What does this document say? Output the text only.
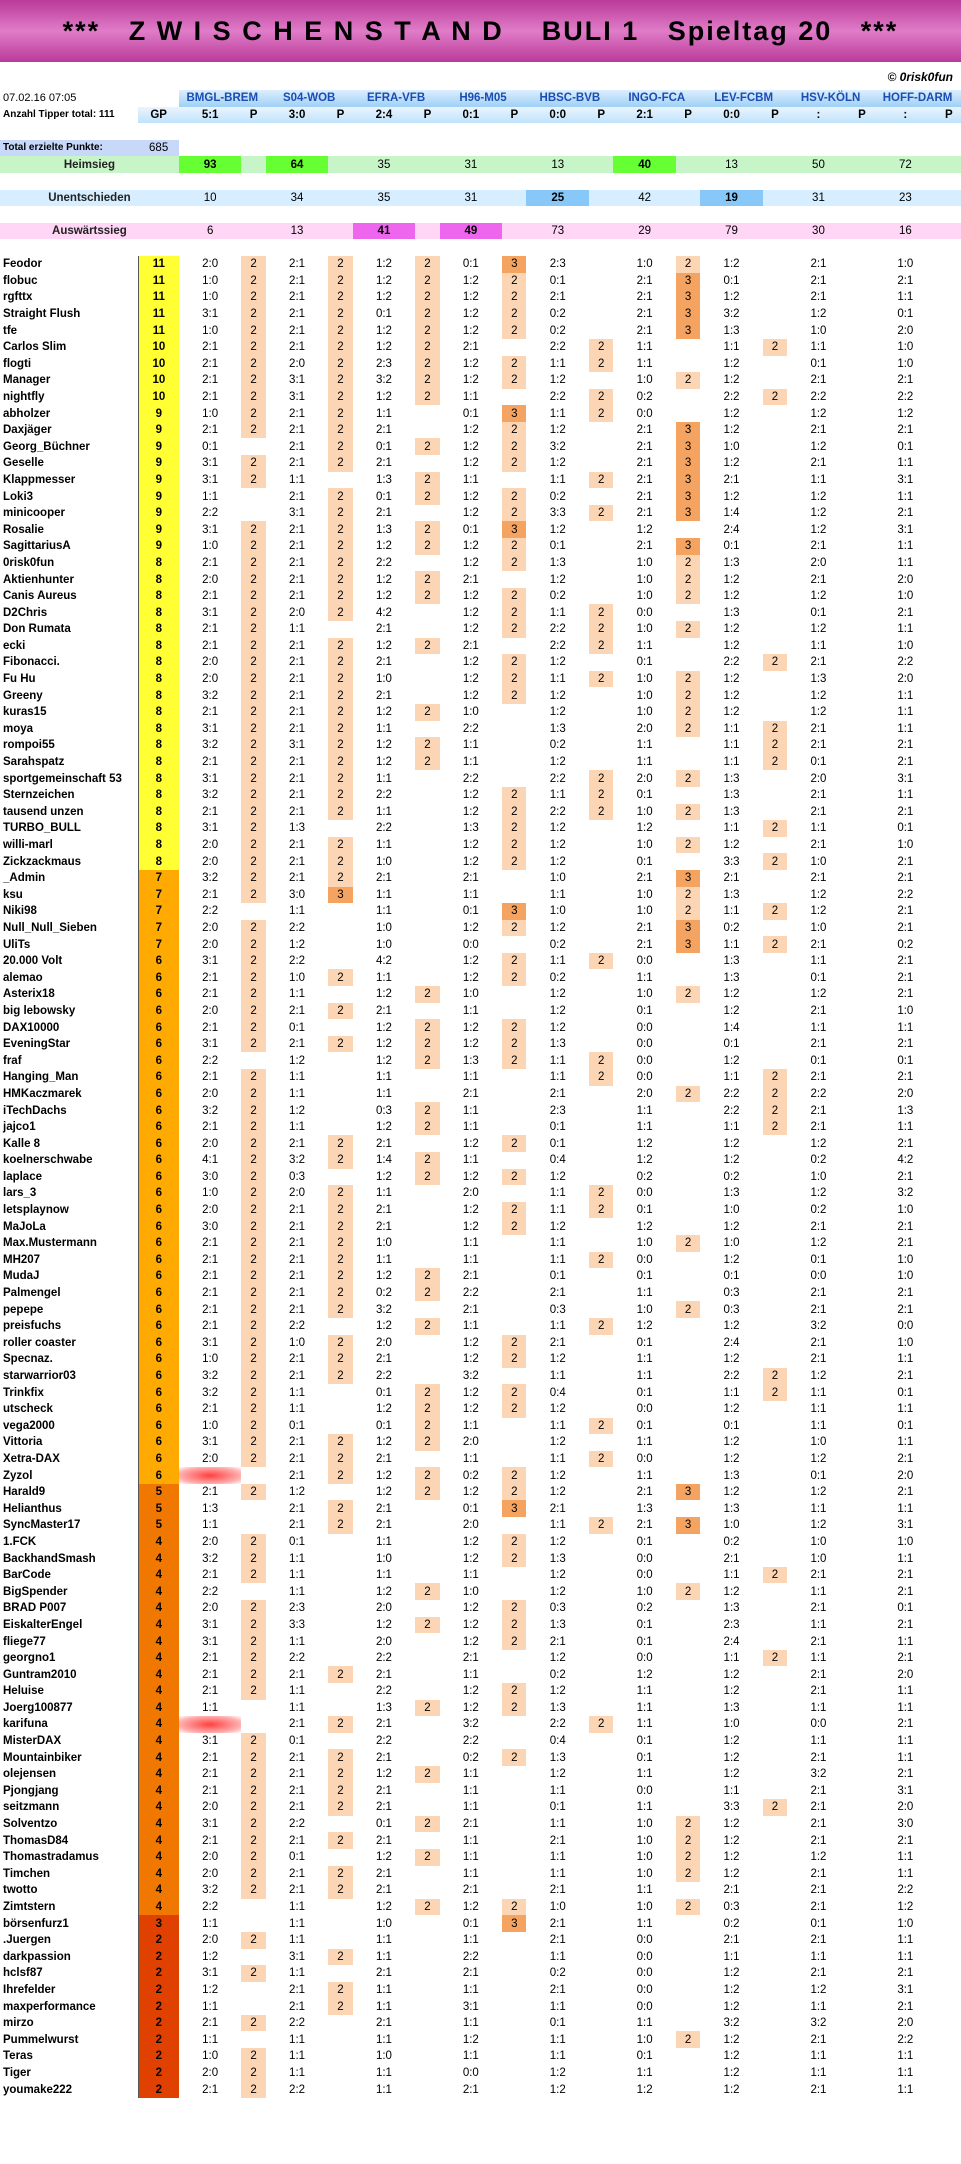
***   Z W I S C H E N S T A N D    BULI 1   Spieltag 20   ***
© 0risk0fun
07.02.16 07:05		BMGL-BREM		S04-WOB		EFRA-VFB		H96-M05		HBSC-BVB		INGO-FCA		LEV-FCBM		HSV-KÖLN		HOFF-DARM	
Anzahl Tipper total: 111	GP	5:1	P	3:0	P	2:4	P	0:1	P	0:0	P	2:1	P	0:0	P	:	P	:	P

Total erzielte Punkte:	685																		
Heimsieg		93		64		35		31		13		40		13		50		72	

Unentschieden		10		34		35		31		25		42		19		31		23	

Auswärtssieg		6		13		41		49		73		29		79		30		16	

Feodor	11	2:0	2	2:1	2	1:2	2	0:1	3	2:3		1:0	2	1:2		2:1		1:0	
flobuc	11	1:0	2	2:1	2	1:2	2	1:2	2	0:1		2:1	3	0:1		2:1		2:1	
rgfttx	11	1:0	2	2:1	2	1:2	2	1:2	2	2:1		2:1	3	1:2		2:1		1:1	
Straight Flush	11	3:1	2	2:1	2	0:1	2	1:2	2	0:2		2:1	3	3:2		1:2		0:1	
tfe	11	1:0	2	2:1	2	1:2	2	1:2	2	0:2		2:1	3	1:3		1:0		2:0	
Carlos Slim	10	2:1	2	2:1	2	1:2	2	2:1		2:2	2	1:1		1:1	2	1:1		1:0	
flogti	10	2:1	2	2:0	2	2:3	2	1:2	2	1:1	2	1:1		1:2		0:1		1:0	
Manager	10	2:1	2	3:1	2	3:2	2	1:2	2	1:2		1:0	2	1:2		2:1		2:1	
nightfly	10	2:1	2	3:1	2	1:2	2	1:1		2:2	2	0:2		2:2	2	2:2		2:2	
abholzer	9	1:0	2	2:1	2	1:1		0:1	3	1:1	2	0:0		1:2		1:2		1:2	
Daxjäger	9	2:1	2	2:1	2	2:1		1:2	2	1:2		2:1	3	1:2		2:1		2:1	
Georg_Büchner	9	0:1		2:1	2	0:1	2	1:2	2	3:2		2:1	3	1:0		1:2		0:1	
Geselle	9	3:1	2	2:1	2	2:1		1:2	2	1:2		2:1	3	1:2		2:1		1:1	
Klappmesser	9	3:1	2	1:1		1:3	2	1:1		1:1	2	2:1	3	2:1		1:1		3:1	
Loki3	9	1:1		2:1	2	0:1	2	1:2	2	0:2		2:1	3	1:2		1:2		1:1	
minicooper	9	2:2		3:1	2	2:1		1:2	2	3:3	2	2:1	3	1:4		1:2		2:1	
Rosalie	9	3:1	2	2:1	2	1:3	2	0:1	3	1:2		1:2		2:4		1:2		3:1	
SagittariusA	9	1:0	2	2:1	2	1:2	2	1:2	2	0:1		2:1	3	0:1		2:1		1:1	
0risk0fun	8	2:1	2	2:1	2	2:2		1:2	2	1:3		1:0	2	1:3		2:0		1:1	
Aktienhunter	8	2:0	2	2:1	2	1:2	2	2:1		1:2		1:0	2	1:2		2:1		2:0	
Canis Aureus	8	2:1	2	2:1	2	1:2	2	1:2	2	0:2		1:0	2	1:2		1:2		1:0	
D2Chris	8	3:1	2	2:0	2	4:2		1:2	2	1:1	2	0:0		1:3		0:1		2:1	
Don Rumata	8	2:1	2	1:1		2:1		1:2	2	2:2	2	1:0	2	1:2		1:2		1:1	
ecki	8	2:1	2	2:1	2	1:2	2	2:1		2:2	2	1:1		1:2		1:1		1:0	
Fibonacci.	8	2:0	2	2:1	2	2:1		1:2	2	1:2		0:1		2:2	2	2:1		2:2	
Fu Hu	8	2:0	2	2:1	2	1:0		1:2	2	1:1	2	1:0	2	1:2		1:3		2:0	
Greeny	8	3:2	2	2:1	2	2:1		1:2	2	1:2		1:0	2	1:2		1:2		1:1	
kuras15	8	2:1	2	2:1	2	1:2	2	1:0		1:2		1:0	2	1:2		1:2		1:1	
moya	8	3:1	2	2:1	2	1:1		2:2		1:3		2:0	2	1:1	2	2:1		1:1	
rompoi55	8	3:2	2	3:1	2	1:2	2	1:1		0:2		1:1		1:1	2	2:1		2:1	
Sarahspatz	8	2:1	2	2:1	2	1:2	2	1:1		1:2		1:1		1:1	2	0:1		2:1	
sportgemeinschaft 53	8	3:1	2	2:1	2	1:1		2:2		2:2	2	2:0	2	1:3		2:0		3:1	
Sternzeichen	8	3:2	2	2:1	2	2:2		1:2	2	1:1	2	0:1		1:3		2:1		1:1	
tausend unzen	8	2:1	2	2:1	2	1:1		1:2	2	2:2	2	1:0	2	1:3		2:1		2:1	
TURBO_BULL	8	3:1	2	1:3		2:2		1:3	2	1:2		1:2		1:1	2	1:1		0:1	
willi-marl	8	2:0	2	2:1	2	1:1		1:2	2	1:2		1:0	2	1:2		2:1		1:0	
Zickzackmaus	8	2:0	2	2:1	2	1:0		1:2	2	1:2		0:1		3:3	2	1:0		2:1	
_Admin	7	3:2	2	2:1	2	2:1		2:1		1:0		2:1	3	2:1		2:1		2:1	
ksu	7	2:1	2	3:0	3	1:1		1:1		1:1		1:0	2	1:3		1:2		2:2	
Niki98	7	2:2		1:1		1:1		0:1	3	1:0		1:0	2	1:1	2	1:2		2:1	
Null_Null_Sieben	7	2:0	2	2:2		1:0		1:2	2	1:2		2:1	3	0:2		1:0		2:1	
UliTs	7	2:0	2	1:2		1:0		0:0		0:2		2:1	3	1:1	2	2:1		0:2	
20.000 Volt	6	3:1	2	2:2		4:2		1:2	2	1:1	2	0:0		1:3		1:1		2:1	
alemao	6	2:1	2	1:0	2	1:1		1:2	2	0:2		1:1		1:3		0:1		2:1	
Asterix18	6	2:1	2	1:1		1:2	2	1:0		1:2		1:0	2	1:2		1:2		2:1	
big lebowsky	6	2:0	2	2:1	2	2:1		1:1		1:2		0:1		1:2		2:1		1:0	
DAX10000	6	2:1	2	0:1		1:2	2	1:2	2	1:2		0:0		1:4		1:1		1:1	
EveningStar	6	3:1	2	2:1	2	1:2	2	1:2	2	1:3		0:0		0:1		2:1		2:1	
fraf	6	2:2		1:2		1:2	2	1:3	2	1:1	2	0:0		1:2		0:1		0:1	
Hanging_Man	6	2:1	2	1:1		1:1		1:1		1:1	2	0:0		1:1	2	2:1		2:1	
HMKaczmarek	6	2:0	2	1:1		1:1		2:1		2:1		2:0	2	2:2	2	2:2		2:0	
iTechDachs	6	3:2	2	1:2		0:3	2	1:1		2:3		1:1		2:2	2	2:1		1:3	
jajco1	6	2:1	2	1:1		1:2	2	1:1		0:1		1:1		1:1	2	2:1		1:1	
Kalle 8	6	2:0	2	2:1	2	2:1		1:2	2	0:1		1:2		1:2		1:2		2:1	
koelnerschwabe	6	4:1	2	3:2	2	1:4	2	1:1		0:4		1:2		1:2		0:2		4:2	
laplace	6	3:0	2	0:3		1:2	2	1:2	2	1:2		0:2		0:2		1:0		2:1	
lars_3	6	1:0	2	2:0	2	1:1		2:0		1:1	2	0:0		1:3		1:2		3:2	
letsplaynow	6	2:0	2	2:1	2	2:1		1:2	2	1:1	2	0:1		1:0		0:2		1:0	
MaJoLa	6	3:0	2	2:1	2	2:1		1:2	2	1:2		1:2		1:2		2:1		2:1	
Max.Mustermann	6	2:1	2	2:1	2	1:0		1:1		1:1		1:0	2	1:0		1:2		2:1	
MH207	6	2:1	2	2:1	2	1:1		1:1		1:1	2	0:0		1:2		0:1		1:0	
MudaJ	6	2:1	2	2:1	2	1:2	2	2:1		0:1		0:1		0:1		0:0		1:0	
Palmengel	6	2:1	2	2:1	2	0:2	2	2:2		2:1		1:1		0:3		2:1		2:1	
pepepe	6	2:1	2	2:1	2	3:2		2:1		0:3		1:0	2	0:3		2:1		2:1	
preisfuchs	6	2:1	2	2:2		1:2	2	1:1		1:1	2	1:2		1:2		3:2		0:0	
roller coaster	6	3:1	2	1:0	2	2:0		1:2	2	2:1		0:1		2:4		2:1		1:0	
Specnaz.	6	1:0	2	2:1	2	2:1		1:2	2	1:2		1:1		1:2		2:1		1:1	
starwarrior03	6	3:2	2	2:1	2	2:2		3:2		1:1		1:1		2:2	2	1:2		2:1	
Trinkfix	6	3:2	2	1:1		0:1	2	1:2	2	0:4		0:1		1:1	2	1:1		0:1	
utscheck	6	2:1	2	1:1		1:2	2	1:2	2	1:2		0:0		1:2		1:1		1:1	
vega2000	6	1:0	2	0:1		0:1	2	1:1		1:1	2	0:1		0:1		1:1		0:1	
Vittoria	6	3:1	2	2:1	2	1:2	2	2:0		1:2		1:1		1:2		1:0		1:1	
Xetra-DAX	6	2:0	2	2:1	2	2:1		1:1		1:1	2	0:0		1:2		1:2		2:1	
Zyzol	6			2:1	2	1:2	2	0:2	2	1:2		1:1		1:3		0:1		2:0	
Harald9	5	2:1	2	1:2		1:2	2	1:2	2	1:2		2:1	3	1:2		1:2		2:1	
Helianthus	5	1:3		2:1	2	2:1		0:1	3	2:1		1:3		1:3		1:1		1:1	
SyncMaster17	5	1:1		2:1	2	2:1		2:0		1:1	2	2:1	3	1:0		1:2		3:1	
1.FCK	4	2:0	2	0:1		1:1		1:2	2	1:2		0:1		0:2		1:0		1:0	
BackhandSmash	4	3:2	2	1:1		1:0		1:2	2	1:3		0:0		2:1		1:0		1:1	
BarCode	4	2:1	2	1:1		1:1		1:1		1:2		0:0		1:1	2	2:1		2:1	
BigSpender	4	2:2		1:1		1:2	2	1:0		1:2		1:0	2	1:2		1:1		2:1	
BRAD P007	4	2:0	2	2:3		2:0		1:2	2	0:3		0:2		1:3		2:1		0:1	
EiskalterEngel	4	3:1	2	3:3		1:2	2	1:2	2	1:3		0:1		2:3		1:1		2:1	
fliege77	4	3:1	2	1:1		2:0		1:2	2	2:1		0:1		2:4		2:1		1:1	
georgno1	4	2:1	2	2:2		2:2		2:1		1:2		0:0		1:1	2	1:1		2:1	
Guntram2010	4	2:1	2	2:1	2	2:1		1:1		0:2		1:2		1:2		2:1		2:0	
Heluise	4	2:1	2	1:1		2:2		1:2	2	1:2		1:1		1:2		2:1		1:1	
Joerg100877	4	1:1		1:1		1:3	2	1:2	2	1:3		1:1		1:3		1:1		1:1	
karifuna	4			2:1	2	2:1		3:2		2:2	2	1:1		1:0		0:0		2:1	
MisterDAX	4	3:1	2	0:1		2:2		2:2		0:4		0:1		1:2		1:1		1:1	
Mountainbiker	4	2:1	2	2:1	2	2:1		0:2	2	1:3		0:1		1:2		2:1		1:1	
olejensen	4	2:1	2	2:1	2	1:2	2	1:1		1:2		1:1		1:2		3:2		2:1	
Pjongjang	4	2:1	2	2:1	2	2:1		1:1		1:1		0:0		1:1		2:1		3:1	
seitzmann	4	2:0	2	2:1	2	2:1		1:1		0:1		1:1		3:3	2	2:1		2:0	
Solventzo	4	3:1	2	2:2		0:1	2	2:1		1:1		1:0	2	1:2		2:1		3:0	
ThomasD84	4	2:1	2	2:1	2	2:1		1:1		2:1		1:0	2	1:2		2:1		2:1	
Thomastradamus	4	2:0	2	0:1		1:2	2	1:1		1:1		1:0	2	1:2		1:2		1:1	
Timchen	4	2:0	2	2:1	2	2:1		1:1		1:1		1:0	2	1:2		2:1		1:1	
twotto	4	3:2	2	2:1	2	2:1		2:1		2:1		1:1		2:1		2:1		2:2	
Zimtstern	4	2:2		1:1		1:2	2	1:2	2	1:0		1:0	2	0:3		2:1		1:2	
börsenfurz1	3	1:1		1:1		1:0		0:1	3	2:1		1:1		0:2		0:1		1:0	
.Juergen	2	2:0	2	1:1		1:1		1:1		2:1		0:0		2:1		2:1		1:1	
darkpassion	2	1:2		3:1	2	1:1		2:2		1:1		0:0		1:1		1:1		1:1	
hclsf87	2	3:1	2	1:1		2:1		2:1		0:2		0:0		1:2		2:1		2:1	
Ihrefelder	2	1:2		2:1	2	1:1		1:1		2:1		0:0		1:2		1:2		3:1	
maxperformance	2	1:1		2:1	2	1:1		3:1		1:1		0:0		1:2		1:1		2:1	
mirzo	2	2:1	2	2:2		2:1		1:1		0:1		1:1		3:2		3:2		2:0	
Pummelwurst	2	1:1		1:1		1:1		1:2		1:1		1:0	2	1:2		2:1		2:2	
Teras	2	1:0	2	1:1		1:0		1:1		1:1		0:1		1:2		1:1		1:1	
Tiger	2	2:0	2	1:1		1:1		0:0		1:2		1:1		1:2		1:1		1:1	
youmake222	2	2:1	2	2:2		1:1		2:1		1:2		1:2		1:2		2:1		1:1	
